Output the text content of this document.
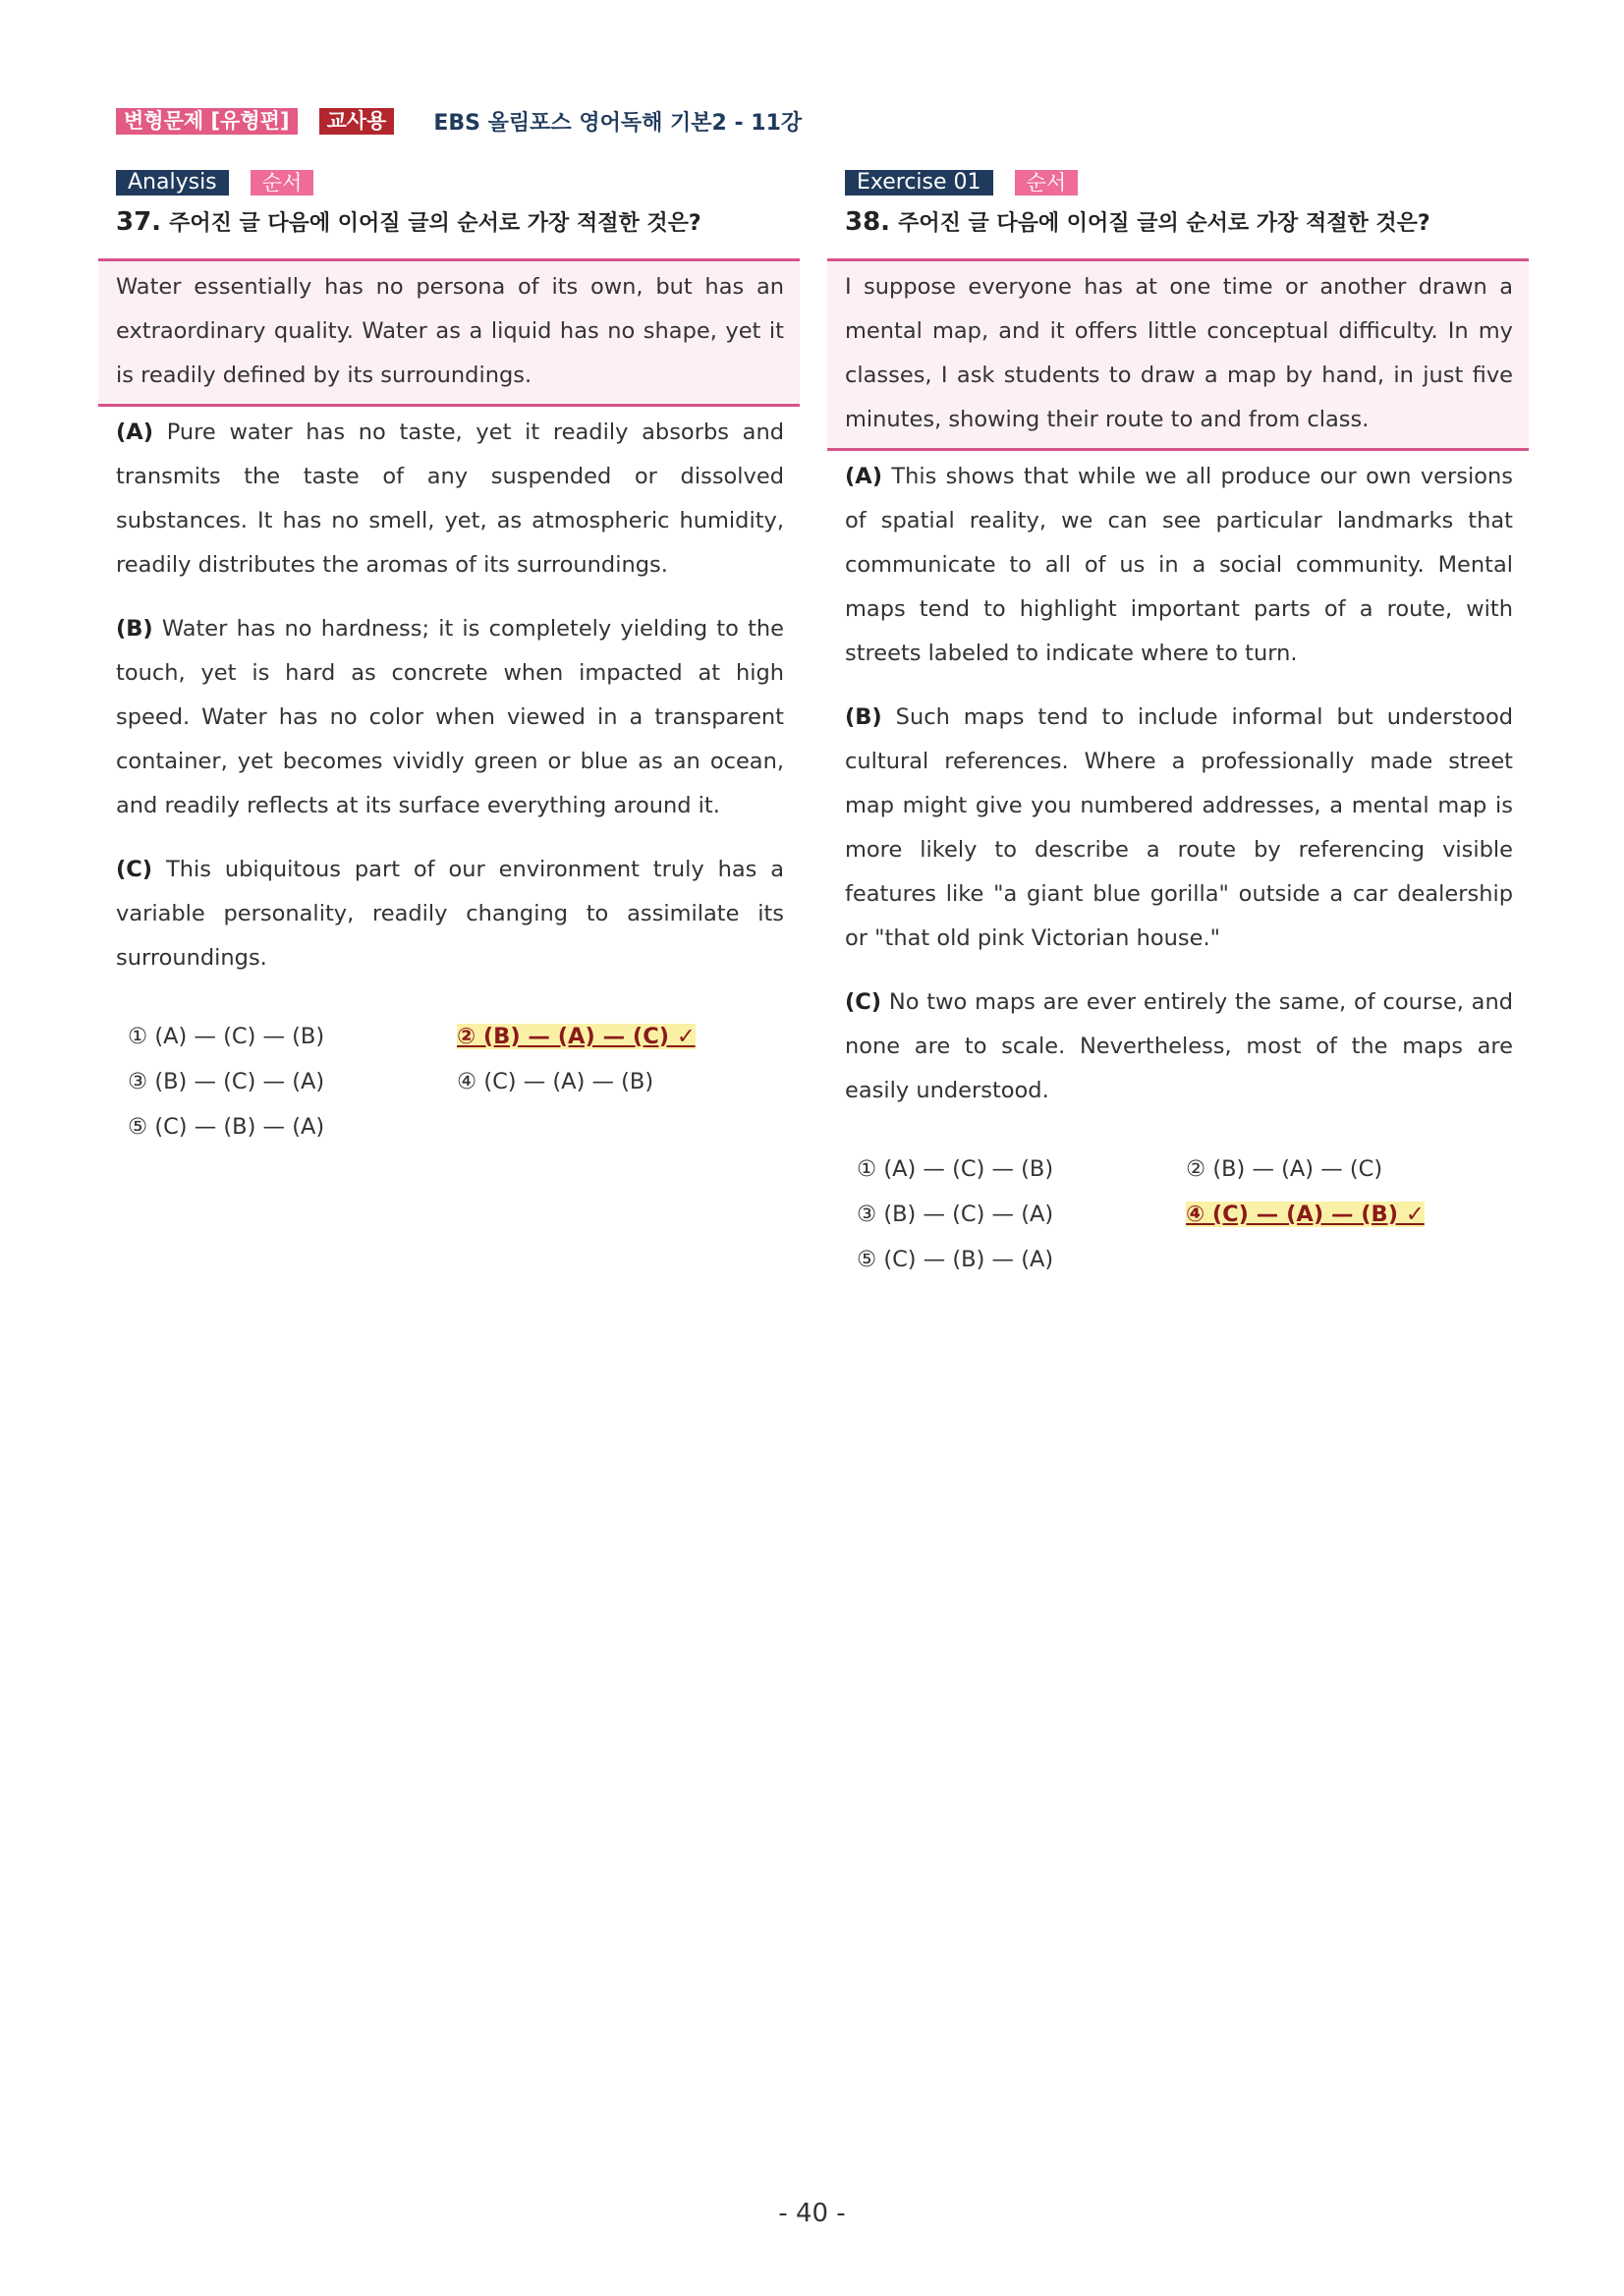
변형문제 [유형편]	교사용	EBS 올림포스 영어독해 기본2 - 11강
Analysis	순서
37. 주어진 글 다음에 이어질 글의 순서로 가장 적절한 것은?
Water essentially has no persona of its own, but has an extraordinary quality. Water as a liquid has no shape, yet it is readily defined by its surroundings.
(A) Pure water has no taste, yet it readily absorbs and transmits the taste of any suspended or dissolved substances. It has no smell, yet, as atmospheric humidity, readily distributes the aromas of its surroundings.
(B) Water has no hardness; it is completely yielding to the touch, yet is hard as concrete when impacted at high speed. Water has no color when viewed in a transparent container, yet becomes vividly green or blue as an ocean, and readily reflects at its surface everything around it.
(C) This ubiquitous part of our environment truly has a variable personality, readily changing to assimilate its surroundings.
① (A) — (C) — (B)	② (B) — (A) — (C) ✓
③ (B) — (C) — (A)	④ (C) — (A) — (B)
⑤ (C) — (B) — (A)
Exercise 01	순서
38. 주어진 글 다음에 이어질 글의 순서로 가장 적절한 것은?
I suppose everyone has at one time or another drawn a mental map, and it offers little conceptual difficulty. In my classes, I ask students to draw a map by hand, in just five minutes, showing their route to and from class.
(A) This shows that while we all produce our own versions of spatial reality, we can see particular landmarks that communicate to all of us in a social community. Mental maps tend to highlight important parts of a route, with streets labeled to indicate where to turn.
(B) Such maps tend to include informal but understood cultural references. Where a professionally made street map might give you numbered addresses, a mental map is more likely to describe a route by referencing visible features like "a giant blue gorilla" outside a car dealership or "that old pink Victorian house."
(C) No two maps are ever entirely the same, of course, and none are to scale. Nevertheless, most of the maps are easily understood.
① (A) — (C) — (B)	② (B) — (A) — (C)
③ (B) — (C) — (A)	④ (C) — (A) — (B) ✓
⑤ (C) — (B) — (A)
- 40 -
